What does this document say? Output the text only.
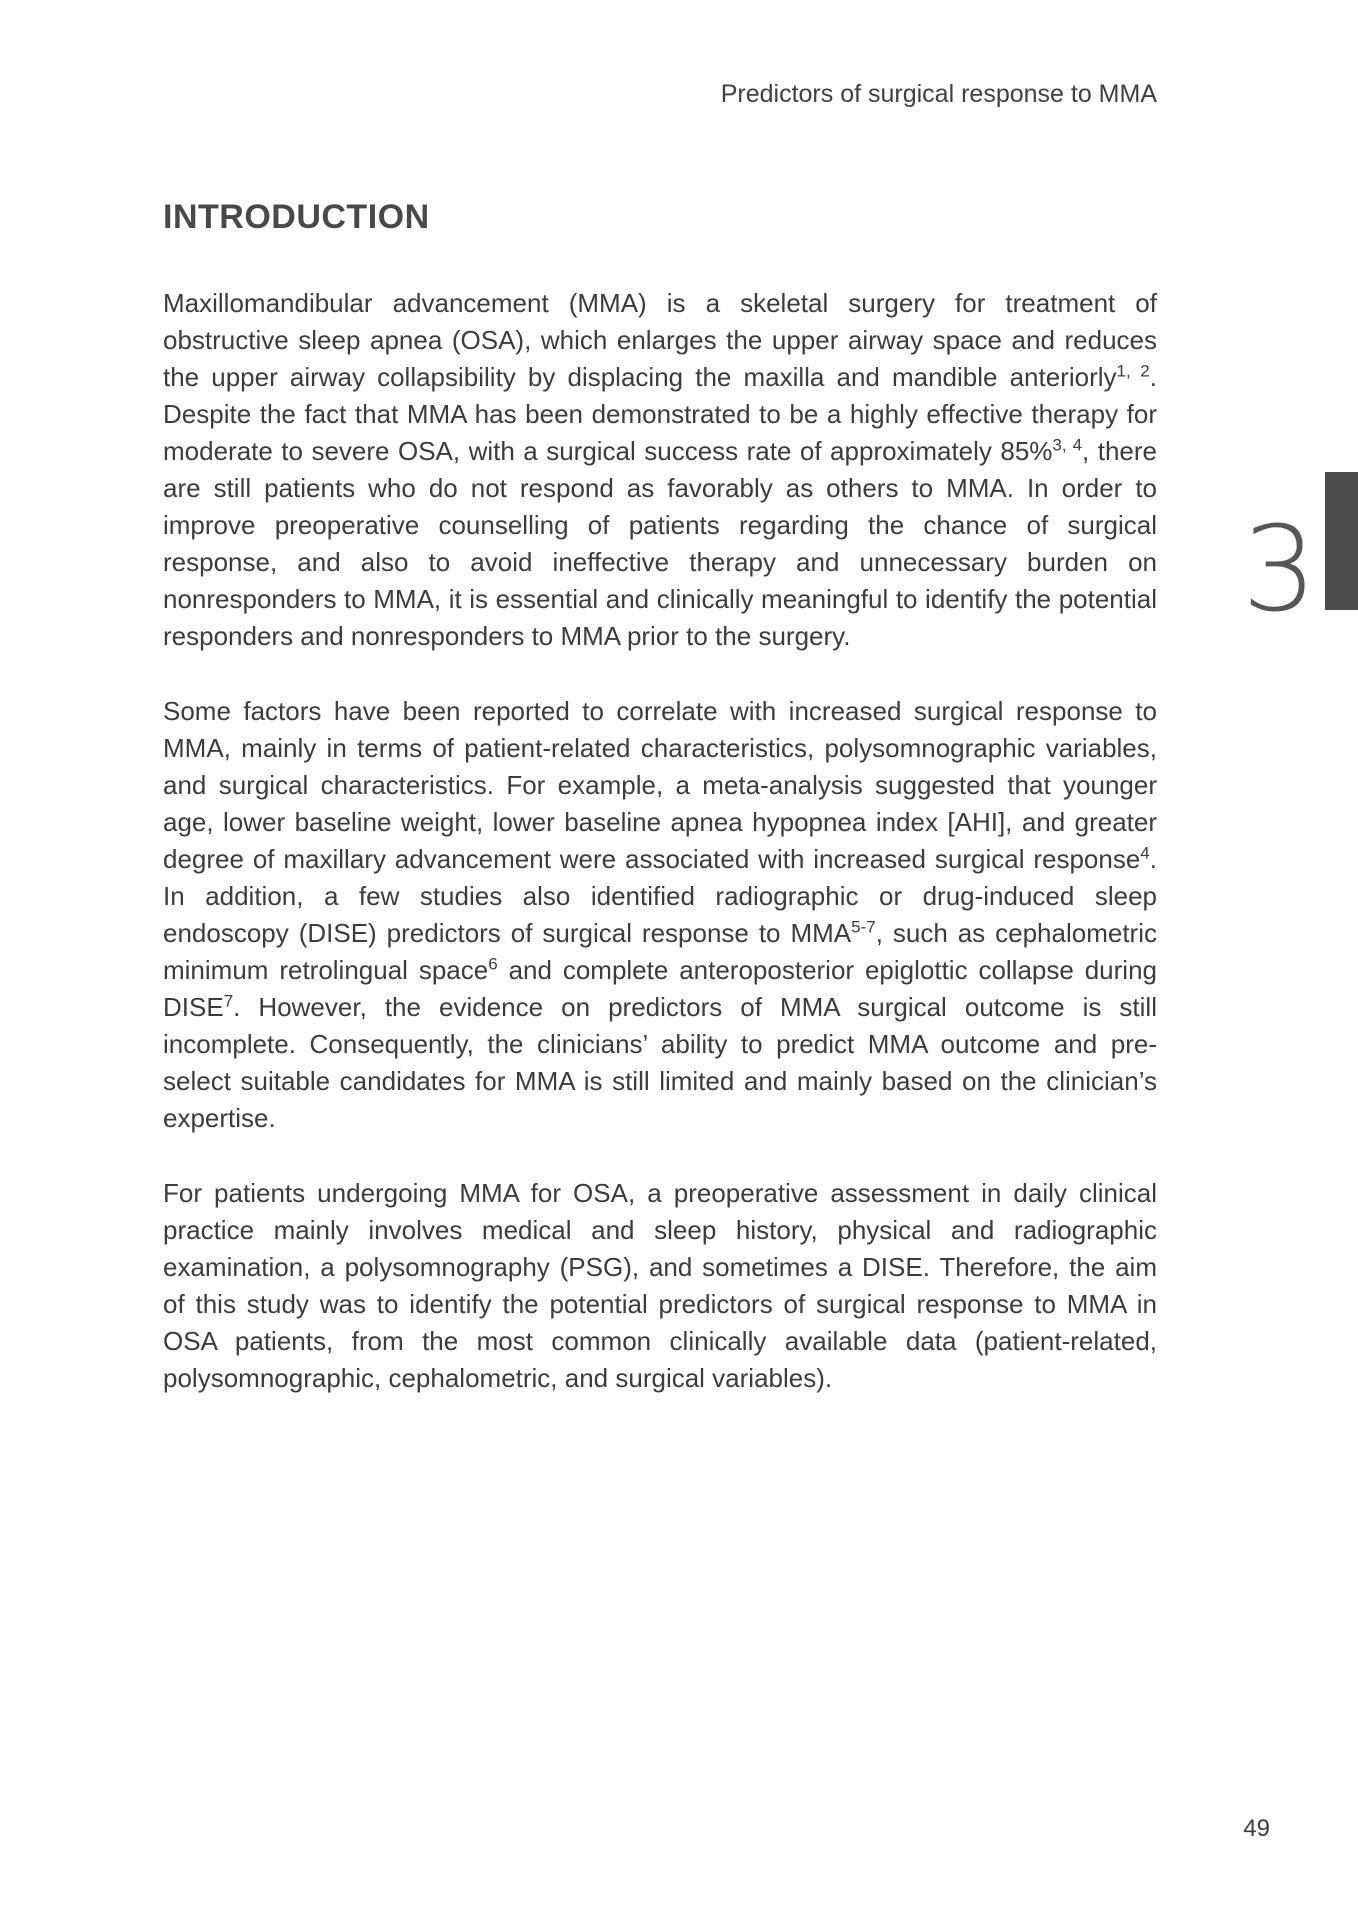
Predictors of surgical response to MMA
INTRODUCTION

Maxillomandibular advancement (MMA) is a skeletal surgery for treatment of obstructive sleep apnea (OSA), which enlarges the upper airway space and reduces the upper airway collapsibility by displacing the maxilla and mandible anteriorly$^{1, 2}$. Despite the fact that MMA has been demonstrated to be a highly effective therapy for moderate to severe OSA, with a surgical success rate of approximately 85%$^{3, 4}$, there are still patients who do not respond as favorably as others to MMA. In order to improve preoperative counselling of patients regarding the chance of surgical response, and also to avoid ineffective therapy and unnecessary burden on nonresponders to MMA, it is essential and clinically meaningful to identify the potential responders and nonresponders to MMA prior to the surgery.

Some factors have been reported to correlate with increased surgical response to MMA, mainly in terms of patient-related characteristics, polysomnographic variables, and surgical characteristics. For example, a meta-analysis suggested that younger age, lower baseline weight, lower baseline apnea hypopnea index [AHI], and greater degree of maxillary advancement were associated with increased surgical response$^4$. In addition, a few studies also identified radiographic or drug-induced sleep endoscopy (DISE) predictors of surgical response to MMA$^{5-7}$, such as cephalometric minimum retrolingual space$^6$ and complete anteroposterior epiglottic collapse during DISE$^7$. However, the evidence on predictors of MMA surgical outcome is still incomplete. Consequently, the clinicians’ ability to predict MMA outcome and pre-select suitable candidates for MMA is still limited and mainly based on the clinician’s expertise.

For patients undergoing MMA for OSA, a preoperative assessment in daily clinical practice mainly involves medical and sleep history, physical and radiographic examination, a polysomnography (PSG), and sometimes a DISE. Therefore, the aim of this study was to identify the potential predictors of surgical response to MMA in OSA patients, from the most common clinically available data (patient-related, polysomnographic, cephalometric, and surgical variables).

3
49
